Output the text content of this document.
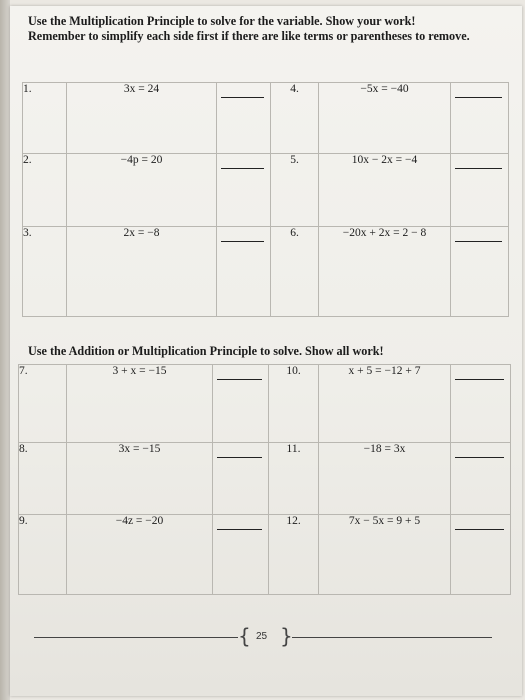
Use the Multiplication Principle to solve for the variable. Show your work!

Remember to simplify each side first if there are like terms or parentheses to remove.

1.	3x = 24		4.	−5x = −40	

2.	−4p = 20		5.	10x − 2x = −4	

3.	2x = −8		6.	−20x + 2x = 2 − 8	
Use the Addition or Multiplication Principle to solve. Show all work!
7.	3 + x = −15		10.	x + 5 = −12 + 7	

8.	3x = −15		11.	−18 = 3x	

9.	−4z = −20		12.	7x − 5x = 9 + 5	
{ 25 }
